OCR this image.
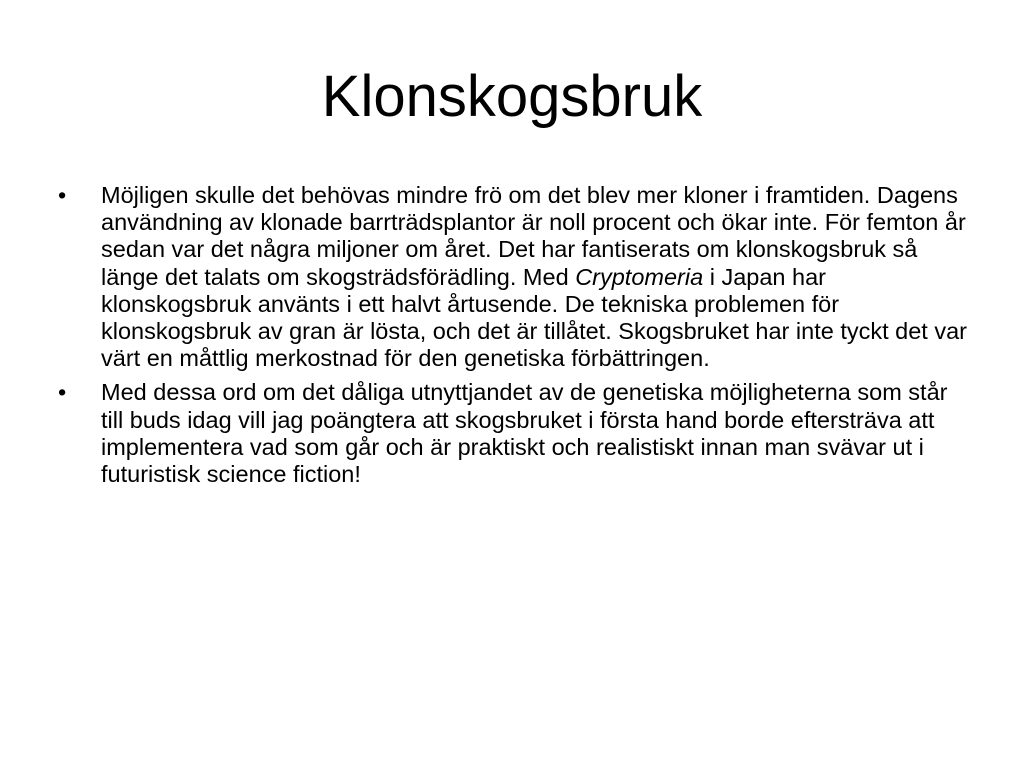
Klonskogsbruk
•	Möjligen skulle det behövas mindre frö om det blev mer kloner i framtiden. Dagens användning av klonade barrträdsplantor är noll procent och ökar inte. För femton år sedan var det några miljoner om året. Det har fantiserats om klonskogsbruk så länge det talats om skogsträdsförädling. Med Cryptomeria i Japan har klonskogsbruk använts i ett halvt årtusende. De tekniska problemen för klonskogsbruk av gran är lösta, och det är tillåtet. Skogsbruket har inte tyckt det var värt en måttlig merkostnad för den genetiska förbättringen.
•	Med dessa ord om det dåliga utnyttjandet av de genetiska möjligheterna som står till buds idag vill jag poängtera att skogsbruket i första hand borde eftersträva att implementera vad som går och är praktiskt och realistiskt innan man svävar ut i futuristisk science fiction!
